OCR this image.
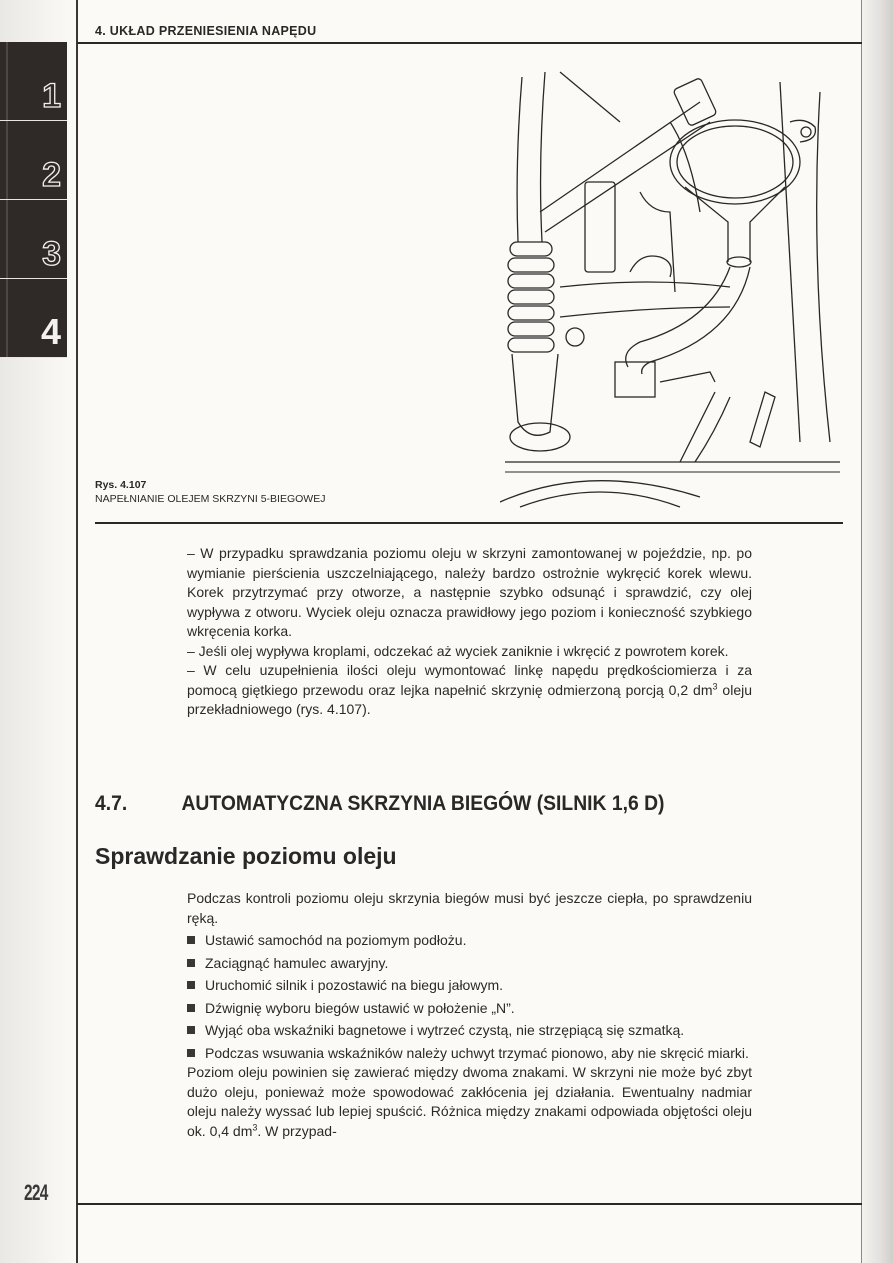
4. UKŁAD PRZENIESIENIA NAPĘDU
1
2
3
4
Rys. 4.107
NAPEŁNIANIE OLEJEM SKRZYNI 5-BIEGOWEJ

– W przypadku sprawdzania poziomu oleju w skrzyni zamontowanej w pojeździe, np. po wymianie pierścienia uszczelniającego, należy bardzo ostrożnie wykręcić korek wlewu. Korek przytrzymać przy otworze, a następnie szybko odsunąć i sprawdzić, czy olej wypływa z otworu. Wyciek oleju oznacza prawidłowy jego poziom i konieczność szybkiego wkręcenia korka.

– Jeśli olej wypływa kroplami, odczekać aż wyciek zaniknie i wkręcić z powrotem korek.

– W celu uzupełnienia ilości oleju wymontować linkę napędu prędkościomierza i za pomocą giętkiego przewodu oraz lejka napełnić skrzynię odmierzoną porcją 0,2 $dm^3$ oleju przekładniowego (rys. 4.107).

4.7.	AUTOMATYCZNA SKRZYNIA BIEGÓW (SILNIK 1,6 D)
Sprawdzanie poziomu oleju

Podczas kontroli poziomu oleju skrzynia biegów musi być jeszcze ciepła, po sprawdzeniu ręką.

Ustawić samochód na poziomym podłożu.

Zaciągnąć hamulec awaryjny.

Uruchomić silnik i pozostawić na biegu jałowym.

Dźwignię wyboru biegów ustawić w położenie „N”.

Wyjąć oba wskaźniki bagnetowe i wytrzeć czystą, nie strzępiącą się szmatką.

Podczas wsuwania wskaźników należy uchwyt trzymać pionowo, aby nie skręcić miarki.

Poziom oleju powinien się zawierać między dwoma znakami. W skrzyni nie może być zbyt dużo oleju, ponieważ może spowodować zakłócenia jej działania. Ewentualny nadmiar oleju należy wyssać lub lepiej spuścić. Różnica między znakami odpowiada objętości oleju ok. 0,4 $dm^3$. W przypad-

224
